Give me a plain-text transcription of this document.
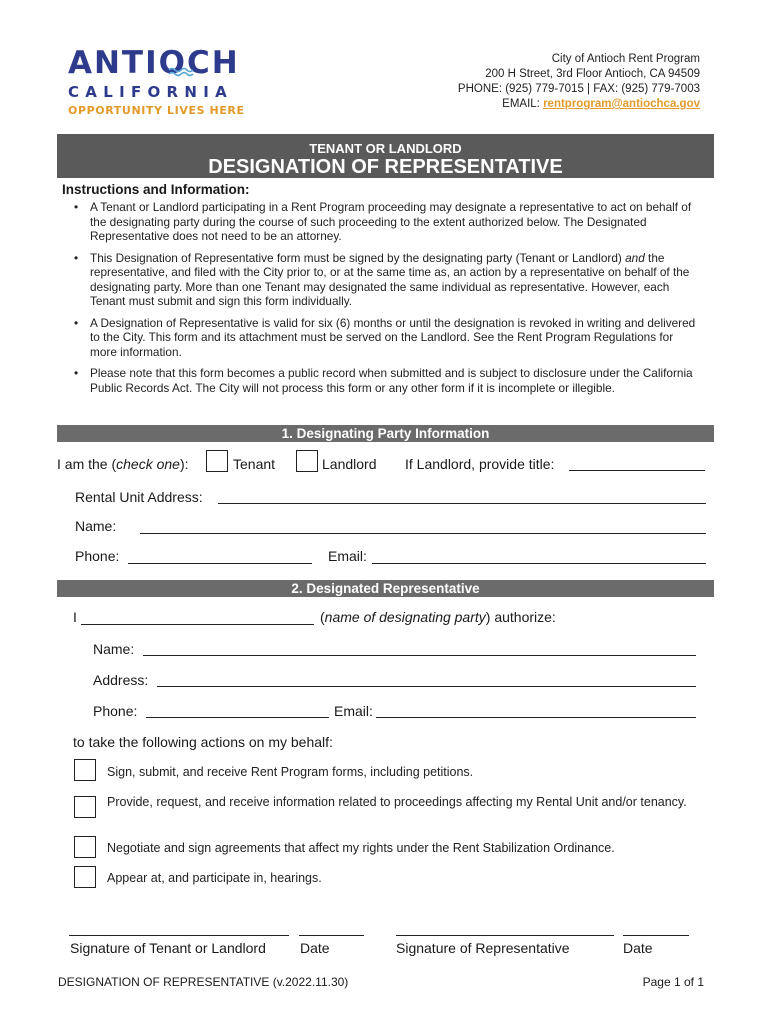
ANTIOCH
CALIFORNIA
OPPORTUNITY LIVES HERE
City of Antioch Rent Program
200 H Street, 3rd Floor Antioch, CA 94509
PHONE: (925) 779-7015 | FAX: (925) 779-7003
EMAIL: rentprogram@antiochca.gov
TENANT OR LANDLORD
DESIGNATION OF REPRESENTATIVE
Instructions and Information:
• A Tenant or Landlord participating in a Rent Program proceeding may designate a representative to act on behalf of the designating party during the course of such proceeding to the extent authorized below. The Designated Representative does not need to be an attorney.
• This Designation of Representative form must be signed by the designating party (Tenant or Landlord) and the representative, and filed with the City prior to, or at the same time as, an action by a representative on behalf of the designating party. More than one Tenant may designated the same individual as representative. However, each Tenant must submit and sign this form individually.
• A Designation of Representative is valid for six (6) months or until the designation is revoked in writing and delivered to the City. This form and its attachment must be served on the Landlord. See the Rent Program Regulations for more information.
• Please note that this form becomes a public record when submitted and is subject to disclosure under the California Public Records Act. The City will not process this form or any other form if it is incomplete or illegible.
1. Designating Party Information
I am the (check one):	Tenant	Landlord If Landlord, provide title:
Rental Unit Address:
Name:
Phone:	Email:
2. Designated Representative
I	(name of designating party) authorize:
Name:
Address:
Phone:	Email:
to take the following actions on my behalf:
Sign, submit, and receive Rent Program forms, including petitions.
Provide, request, and receive information related to proceedings affecting my Rental Unit and/or tenancy.
Negotiate and sign agreements that affect my rights under the Rent Stabilization Ordinance.
Appear at, and participate in, hearings.
Signature of Tenant or Landlord Date	Signature of Representative	Date
DESIGNATION OF REPRESENTATIVE (v.2022.11.30)	Page 1 of 1
